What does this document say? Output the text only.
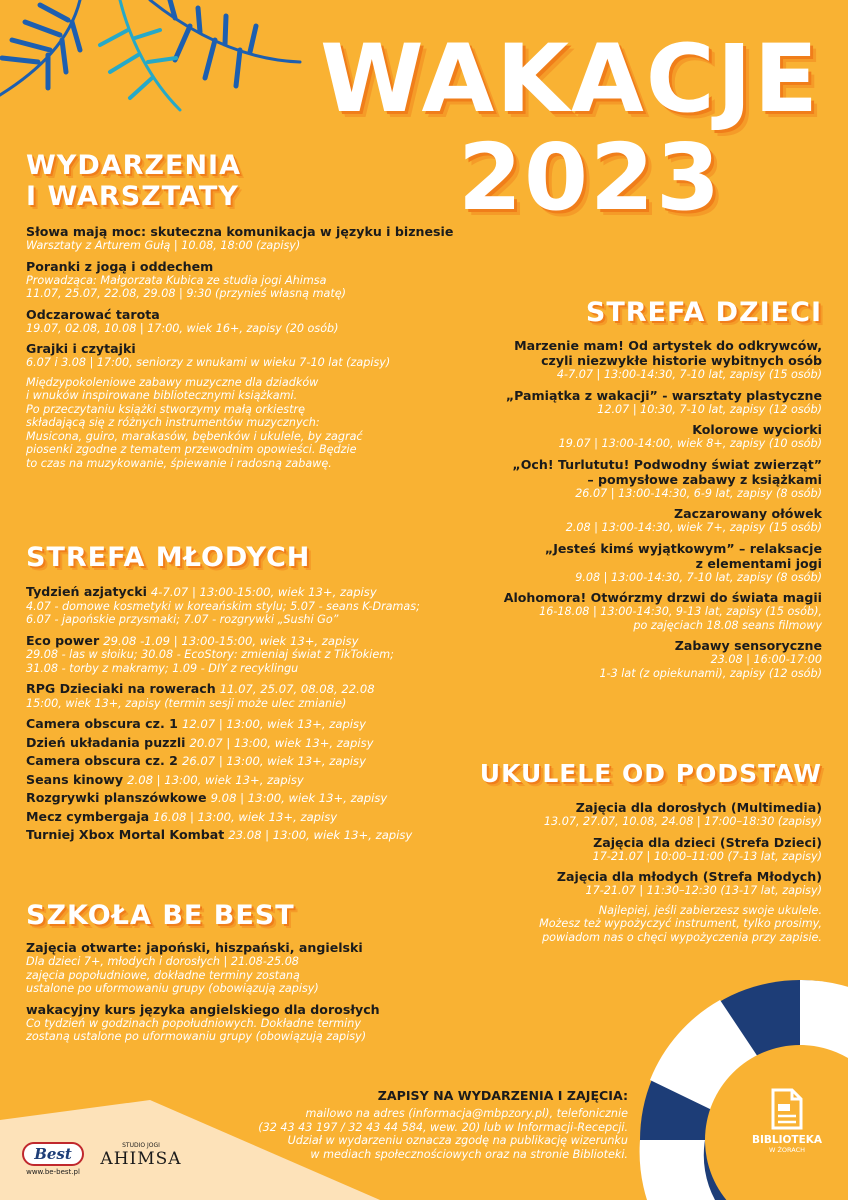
WAKACJE
2023
WYDARZENIA
I WARSZTATY
Słowa mają moc: skuteczna komunikacja w języku i biznesie
Warsztaty z Arturem Gułą | 10.08, 18:00 (zapisy)
Poranki z jogą i oddechem
Prowadząca: Małgorzata Kubica ze studia jogi Ahimsa
11.07, 25.07, 22.08, 29.08 | 9:30 (przynieś własną matę)
Odczarować tarota
19.07, 02.08, 10.08 | 17:00, wiek 16+, zapisy (20 osób)
Grajki i czytajki
6.07 i 3.08 | 17:00, seniorzy z wnukami w wieku 7-10 lat (zapisy)
Międzypokoleniowe zabawy muzyczne dla dziadków
i wnuków inspirowane bibliotecznymi książkami.
Po przeczytaniu książki stworzymy małą orkiestrę
składającą się z różnych instrumentów muzycznych:
Musicona, guiro, marakasów, bębenków i ukulele, by zagrać
piosenki zgodne z tematem przewodnim opowieści. Będzie
to czas na muzykowanie, śpiewanie i radosną zabawę.
STREFA MŁODYCH
Tydzień azjatycki 4-7.07 | 13:00-15:00, wiek 13+, zapisy
4.07 - domowe kosmetyki w koreańskim stylu; 5.07 - seans K-Dramas;
6.07 - japońskie przysmaki; 7.07 - rozgrywki „Sushi Go”
Eco power 29.08 -1.09 | 13:00-15:00, wiek 13+, zapisy
29.08 - las w słoiku; 30.08 - EcoStory: zmieniaj świat z TikTokiem;
31.08 - torby z makramy; 1.09 - DIY z recyklingu
RPG Dzieciaki na rowerach 11.07, 25.07, 08.08, 22.08
15:00, wiek 13+, zapisy (termin sesji może ulec zmianie)
Camera obscura cz. 1 12.07 | 13:00, wiek 13+, zapisy
Dzień układania puzzli 20.07 | 13:00, wiek 13+, zapisy
Camera obscura cz. 2 26.07 | 13:00, wiek 13+, zapisy
Seans kinowy 2.08 | 13:00, wiek 13+, zapisy
Rozgrywki planszówkowe 9.08 | 13:00, wiek 13+, zapisy
Mecz cymbergaja 16.08 | 13:00, wiek 13+, zapisy
Turniej Xbox Mortal Kombat 23.08 | 13:00, wiek 13+, zapisy
SZKOŁA BE BEST
Zajęcia otwarte: japoński, hiszpański, angielski
Dla dzieci 7+, młodych i dorosłych | 21.08-25.08
zajęcia popołudniowe, dokładne terminy zostaną
ustalone po uformowaniu grupy (obowiązują zapisy)
wakacyjny kurs języka angielskiego dla dorosłych
Co tydzień w godzinach popołudniowych. Dokładne terminy
zostaną ustalone po uformowaniu grupy (obowiązują zapisy)
STREFA DZIECI
Marzenie mam! Od artystek do odkrywców,
czyli niezwykłe historie wybitnych osób
4-7.07 | 13:00-14:30, 7-10 lat, zapisy (15 osób)
„Pamiątka z wakacji” - warsztaty plastyczne
12.07 | 10:30, 7-10 lat, zapisy (12 osób)
Kolorowe wyciorki
19.07 | 13:00-14:00, wiek 8+, zapisy (10 osób)
„Och! Turlututu! Podwodny świat zwierząt”
– pomysłowe zabawy z książkami
26.07 | 13:00-14:30, 6-9 lat, zapisy (8 osób)
Zaczarowany ołówek
2.08 | 13:00-14:30, wiek 7+, zapisy (15 osób)
„Jesteś kimś wyjątkowym” – relaksacje
z elementami jogi
9.08 | 13:00-14:30, 7-10 lat, zapisy (8 osób)
Alohomora! Otwórzmy drzwi do świata magii
16-18.08 | 13:00-14:30, 9-13 lat, zapisy (15 osób),
po zajęciach 18.08 seans filmowy
Zabawy sensoryczne
23.08 | 16:00-17:00
1-3 lat (z opiekunami), zapisy (12 osób)
UKULELE OD PODSTAW
Zajęcia dla dorosłych (Multimedia)
13.07, 27.07, 10.08, 24.08 | 17:00–18:30 (zapisy)
Zajęcia dla dzieci (Strefa Dzieci)
17-21.07 | 10:00–11:00 (7-13 lat, zapisy)
Zajęcia dla młodych (Strefa Młodych)
17-21.07 | 11:30–12:30 (13-17 lat, zapisy)
Najlepiej, jeśli zabierzesz swoje ukulele.
Możesz też wypożyczyć instrument, tylko prosimy,
powiadom nas o chęci wypożyczenia przy zapisie.
ZAPISY NA WYDARZENIA I ZAJĘCIA:
mailowo na adres (informacja@mbpzory.pl), telefonicznie
(32 43 43 197 / 32 43 44 584, wew. 20) lub w Informacji-Recepcji.
Udział w wydarzeniu oznacza zgodę na publikację wizerunku
w mediach społecznościowych oraz na stronie Biblioteki.
Best
www.be-best.pl
STUDIO JOGI
AHIMSA
BIBLIOTEKA
W ŻORACH
